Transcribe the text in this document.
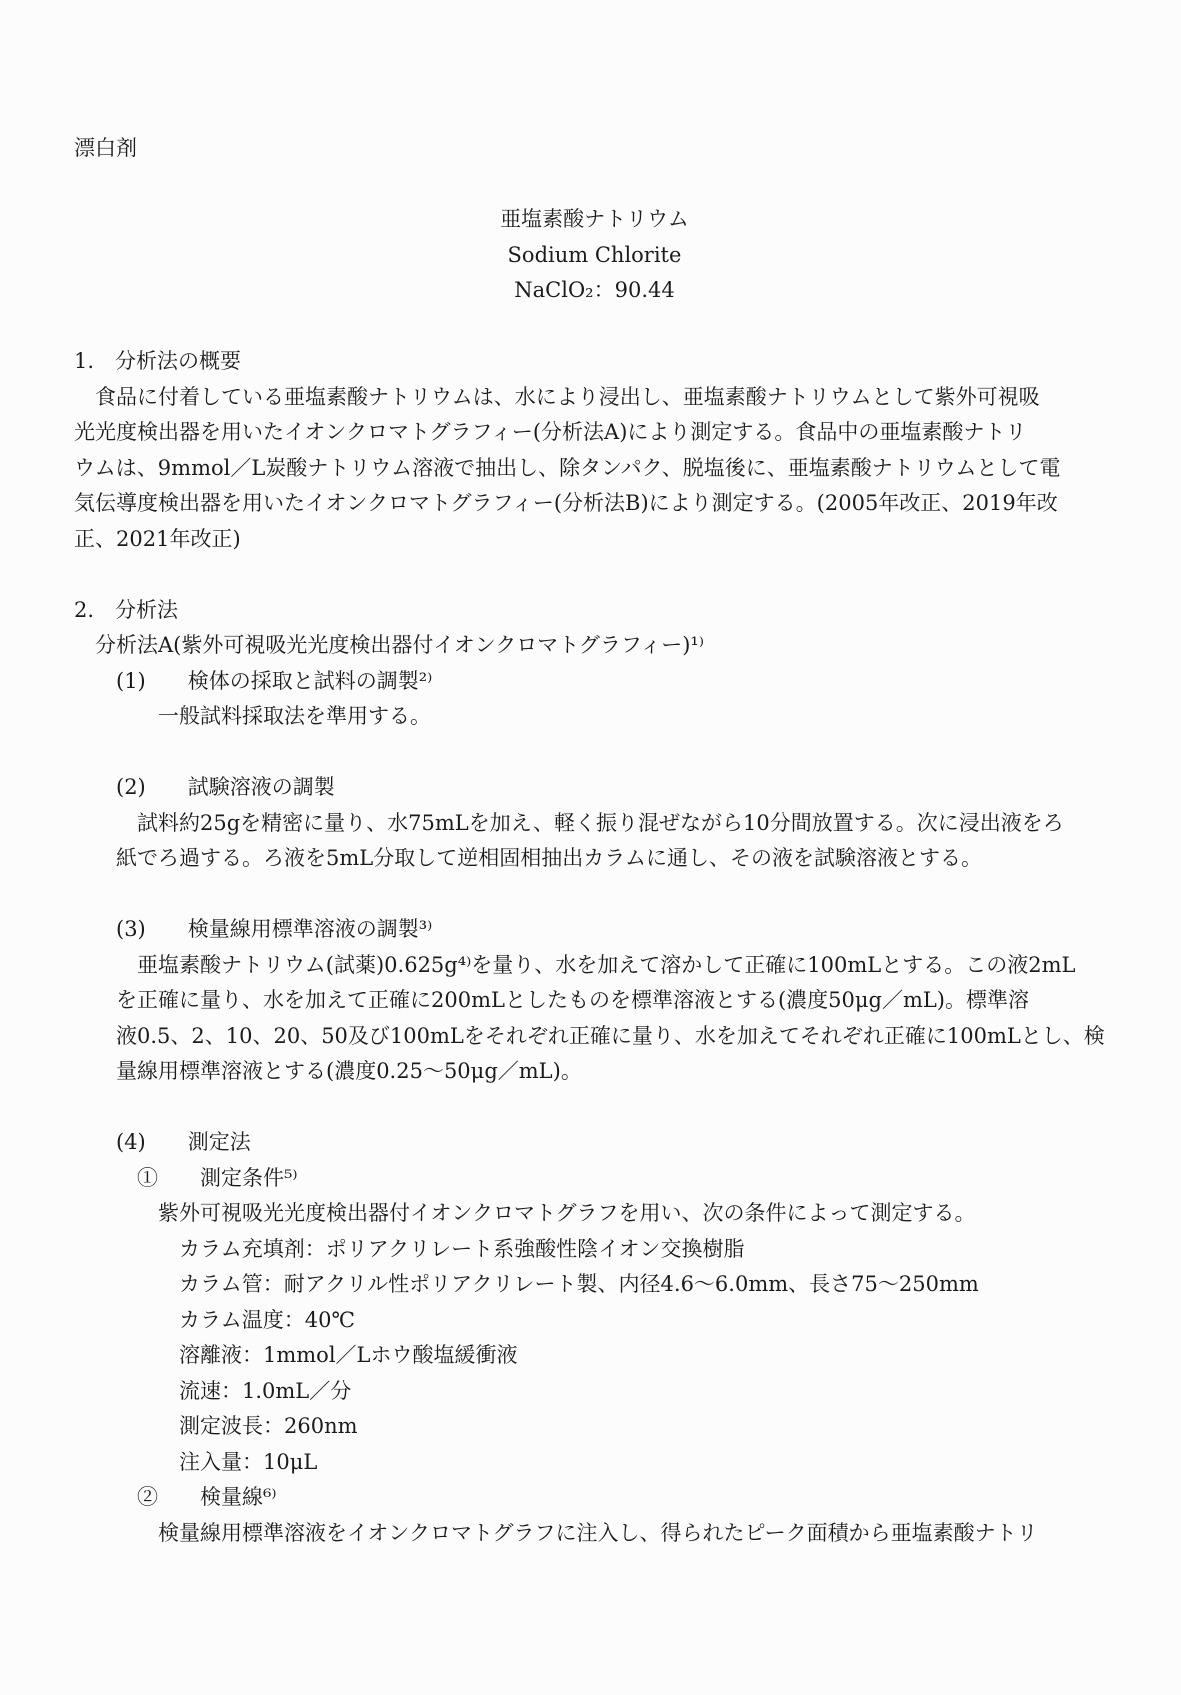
漂白剤
亜塩素酸ナトリウム
Sodium Chlorite
NaClO₂：90.44
1.　分析法の概要
　食品に付着している亜塩素酸ナトリウムは、水により浸出し、亜塩素酸ナトリウムとして紫外可視吸
光光度検出器を用いたイオンクロマトグラフィー(分析法A)により測定する。食品中の亜塩素酸ナトリ
ウムは、9mmol／L炭酸ナトリウム溶液で抽出し、除タンパク、脱塩後に、亜塩素酸ナトリウムとして電
気伝導度検出器を用いたイオンクロマトグラフィー(分析法B)により測定する。(2005年改正、2019年改
正、2021年改正)
2.　分析法
　分析法A(紫外可視吸光光度検出器付イオンクロマトグラフィー)¹⁾
　　(1)　　検体の採取と試料の調製²⁾
　　　　一般試料採取法を準用する。
　　(2)　　試験溶液の調製
　　　試料約25gを精密に量り、水75mLを加え、軽く振り混ぜながら10分間放置する。次に浸出液をろ
　　紙でろ過する。ろ液を5mL分取して逆相固相抽出カラムに通し、その液を試験溶液とする。
　　(3)　　検量線用標準溶液の調製³⁾
　　　亜塩素酸ナトリウム(試薬)0.625g⁴⁾を量り、水を加えて溶かして正確に100mLとする。この液2mL
　　を正確に量り、水を加えて正確に200mLとしたものを標準溶液とする(濃度50μg／mL)。標準溶
　　液0.5、2、10、20、50及び100mLをそれぞれ正確に量り、水を加えてそれぞれ正確に100mLとし、検
　　量線用標準溶液とする(濃度0.25～50μg／mL)。
　　(4)　　測定法
　　　①　　測定条件⁵⁾
　　　　紫外可視吸光光度検出器付イオンクロマトグラフを用い、次の条件によって測定する。
　　　　　カラム充填剤：ポリアクリレート系強酸性陰イオン交換樹脂
　　　　　カラム管：耐アクリル性ポリアクリレート製、内径4.6～6.0mm、長さ75～250mm
　　　　　カラム温度：40℃
　　　　　溶離液：1mmol／Lホウ酸塩緩衝液
　　　　　流速：1.0mL／分
　　　　　測定波長：260nm
　　　　　注入量：10μL
　　　②　　検量線⁶⁾
　　　　検量線用標準溶液をイオンクロマトグラフに注入し、得られたピーク面積から亜塩素酸ナトリ
